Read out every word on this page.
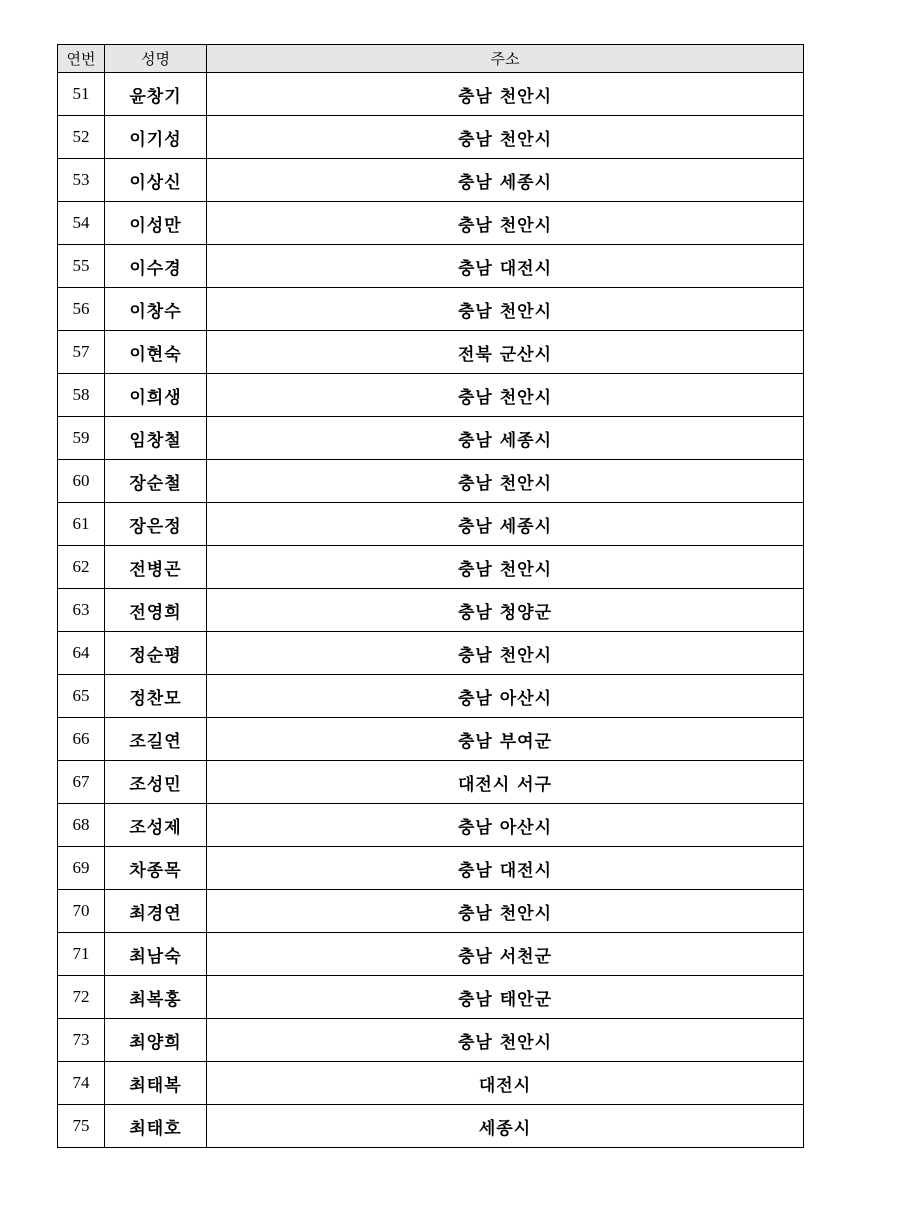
연번	성명	주소
51	윤창기	충남 천안시
52	이기성	충남 천안시
53	이상신	충남 세종시
54	이성만	충남 천안시
55	이수경	충남 대전시
56	이창수	충남 천안시
57	이현숙	전북 군산시
58	이희생	충남 천안시
59	임창철	충남 세종시
60	장순철	충남 천안시
61	장은정	충남 세종시
62	전병곤	충남 천안시
63	전영희	충남 청양군
64	정순평	충남 천안시
65	정찬모	충남 아산시
66	조길연	충남 부여군
67	조성민	대전시 서구
68	조성제	충남 아산시
69	차종목	충남 대전시
70	최경연	충남 천안시
71	최남숙	충남 서천군
72	최복홍	충남 태안군
73	최양희	충남 천안시
74	최태복	대전시
75	최태호	세종시
